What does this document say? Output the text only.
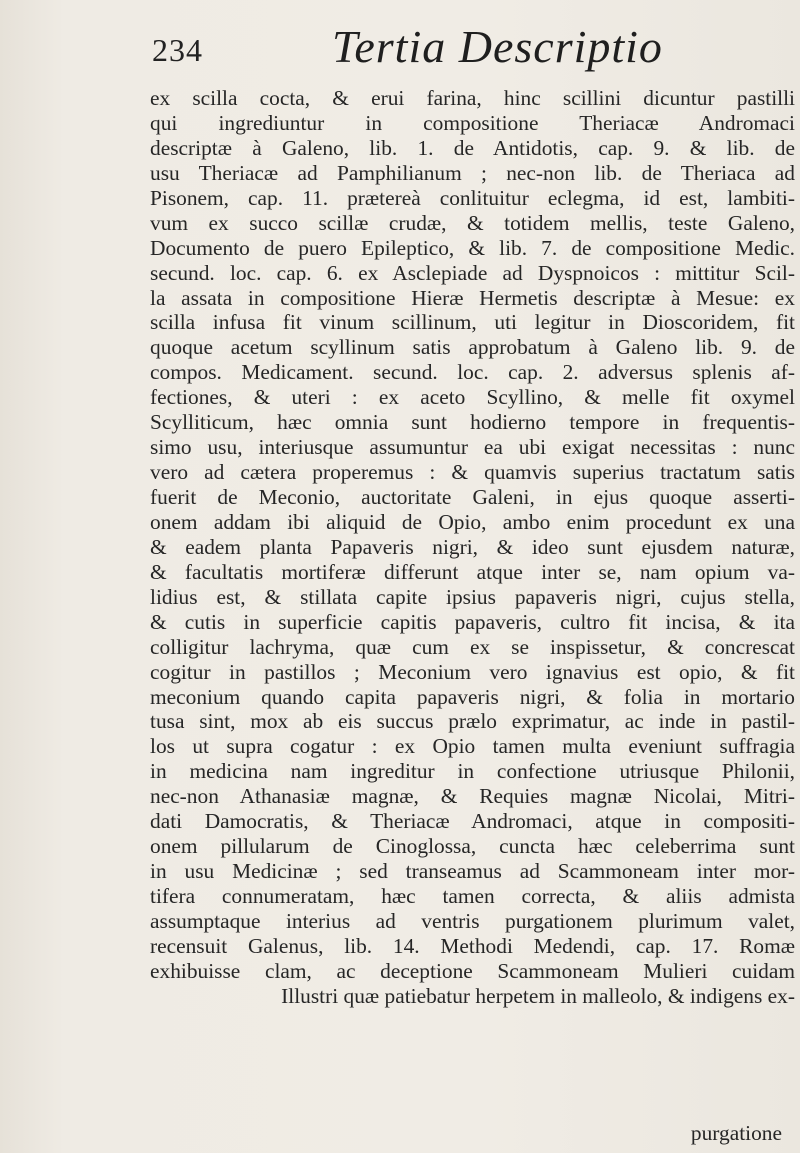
234	Tertia Descriptio
ex scilla cocta, & erui farina, hinc scillini dicuntur pastilli
qui ingrediuntur in compositione Theriacæ Andromaci
descriptæ à Galeno, lib. 1. de Antidotis, cap. 9. & lib. de
usu Theriacæ ad Pamphilianum ; nec-non lib. de Theriaca ad
Pisonem, cap. 11. prætereà conlituitur eclegma, id est, lambiti-
vum ex succo scillæ crudæ, & totidem mellis, teste Galeno,
Documento de puero Epileptico, & lib. 7. de compositione Medic.
secund. loc. cap. 6. ex Asclepiade ad Dyspnoicos : mittitur Scil-
la assata in compositione Hieræ Hermetis descriptæ à Mesue: ex
scilla infusa fit vinum scillinum, uti legitur in Dioscoridem, fit
quoque acetum scyllinum satis approbatum à Galeno lib. 9. de
compos. Medicament. secund. loc. cap. 2. adversus splenis af-
fectiones, & uteri : ex aceto Scyllino, & melle fit oxymel
Scylliticum, hæc omnia sunt hodierno tempore in frequentis-
simo usu, interiusque assumuntur ea ubi exigat necessitas : nunc
vero ad cætera properemus : & quamvis superius tractatum satis
fuerit de Meconio, auctoritate Galeni, in ejus quoque asserti-
onem addam ibi aliquid de Opio, ambo enim procedunt ex una
& eadem planta Papaveris nigri, & ideo sunt ejusdem naturæ,
& facultatis mortiferæ differunt atque inter se, nam opium va-
lidius est, & stillata capite ipsius papaveris nigri, cujus stella,
& cutis in superficie capitis papaveris, cultro fit incisa, & ita
colligitur lachryma, quæ cum ex se inspissetur, & concrescat
cogitur in pastillos ; Meconium vero ignavius est opio, & fit
meconium quando capita papaveris nigri, & folia in mortario
tusa sint, mox ab eis succus prælo exprimatur, ac inde in pastil-
los ut supra cogatur : ex Opio tamen multa eveniunt suffragia
in medicina nam ingreditur in confectione utriusque Philonii,
nec-non Athanasiæ magnæ, & Requies magnæ Nicolai, Mitri-
dati Damocratis, & Theriacæ Andromaci, atque in compositi-
onem pillularum de Cinoglossa, cuncta hæc celeberrima sunt
in usu Medicinæ ; sed transeamus ad Scammoneam inter mor-
tifera connumeratam, hæc tamen correcta, & aliis admista
assumptaque interius ad ventris purgationem plurimum valet,
recensuit Galenus, lib. 14. Methodi Medendi, cap. 17. Romæ
exhibuisse clam, ac deceptione Scammoneam Mulieri cuidam
Illustri quæ patiebatur herpetem in malleolo, & indigens ex-
purgatione
